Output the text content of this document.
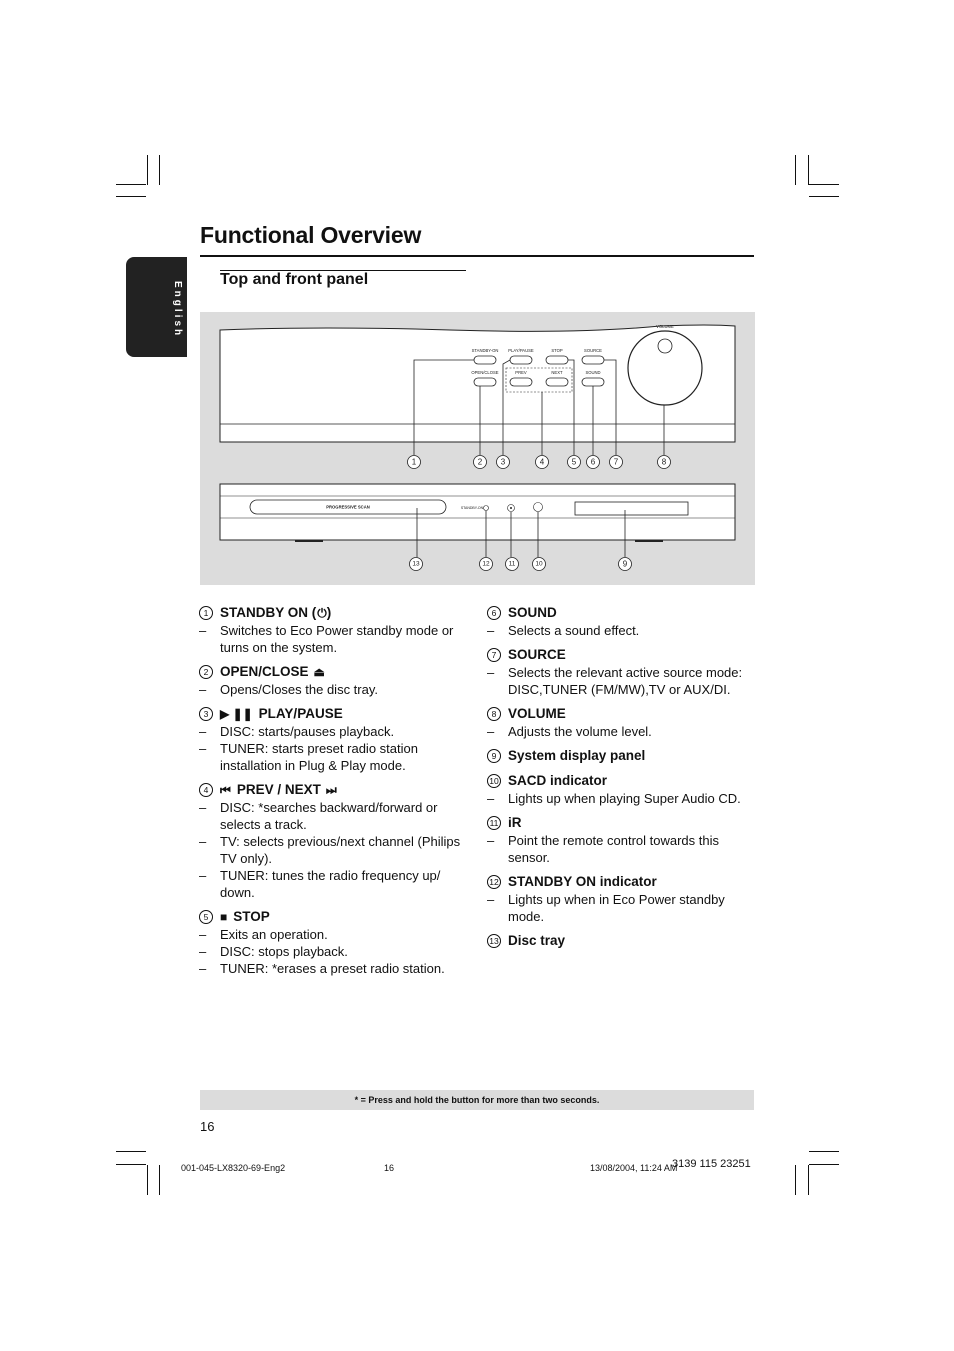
Functional Overview
English
Top and front panel
STANDBY-ON PLAY/PAUSE	STOP	SOURCE
OPEN/CLOSE	PREV	NEXT	SOUND
VOLUME
1	2 3	4	5 6 7	8
PROGRESSIVE SCAN	STANDBY-ON
13	12	11	10	9
1 STANDBY ON ( ⏻ )
–	Switches to Eco Power standby mode or turns on the system.
2 OPEN/CLOSE ⏏
–	Opens/Closes the disc tray.
3 ▶ ❚❚ PLAY/PAUSE
–	DISC: starts/pauses playback.
–	TUNER: starts preset radio station installation in Plug & Play mode.
4 ⏮ PREV / NEXT ⏭
–	DISC: *searches backward/forward or selects a track.
–	TV: selects previous/next channel (Philips TV only).
–	TUNER: tunes the radio frequency up/ down.
5 ■ STOP
–	Exits an operation.
–	DISC: stops playback.
–	TUNER: *erases a preset radio station.
6 SOUND
–	Selects a sound effect.
7 SOURCE
–	Selects the relevant active source mode: DISC,TUNER (FM/MW),TV or AUX/DI.
8 VOLUME
–	Adjusts the volume level.
9 System display panel
10 SACD indicator
–	Lights up when playing Super Audio CD.
11 iR
–	Point the remote control towards this sensor.
12 STANDBY ON indicator
–	Lights up when in Eco Power standby mode.
13 Disc tray
* = Press and hold the button for more than two seconds.
16
001-045-LX8320-69-Eng2	16	13/08/2004, 11:24 AM
3139 115 23251
